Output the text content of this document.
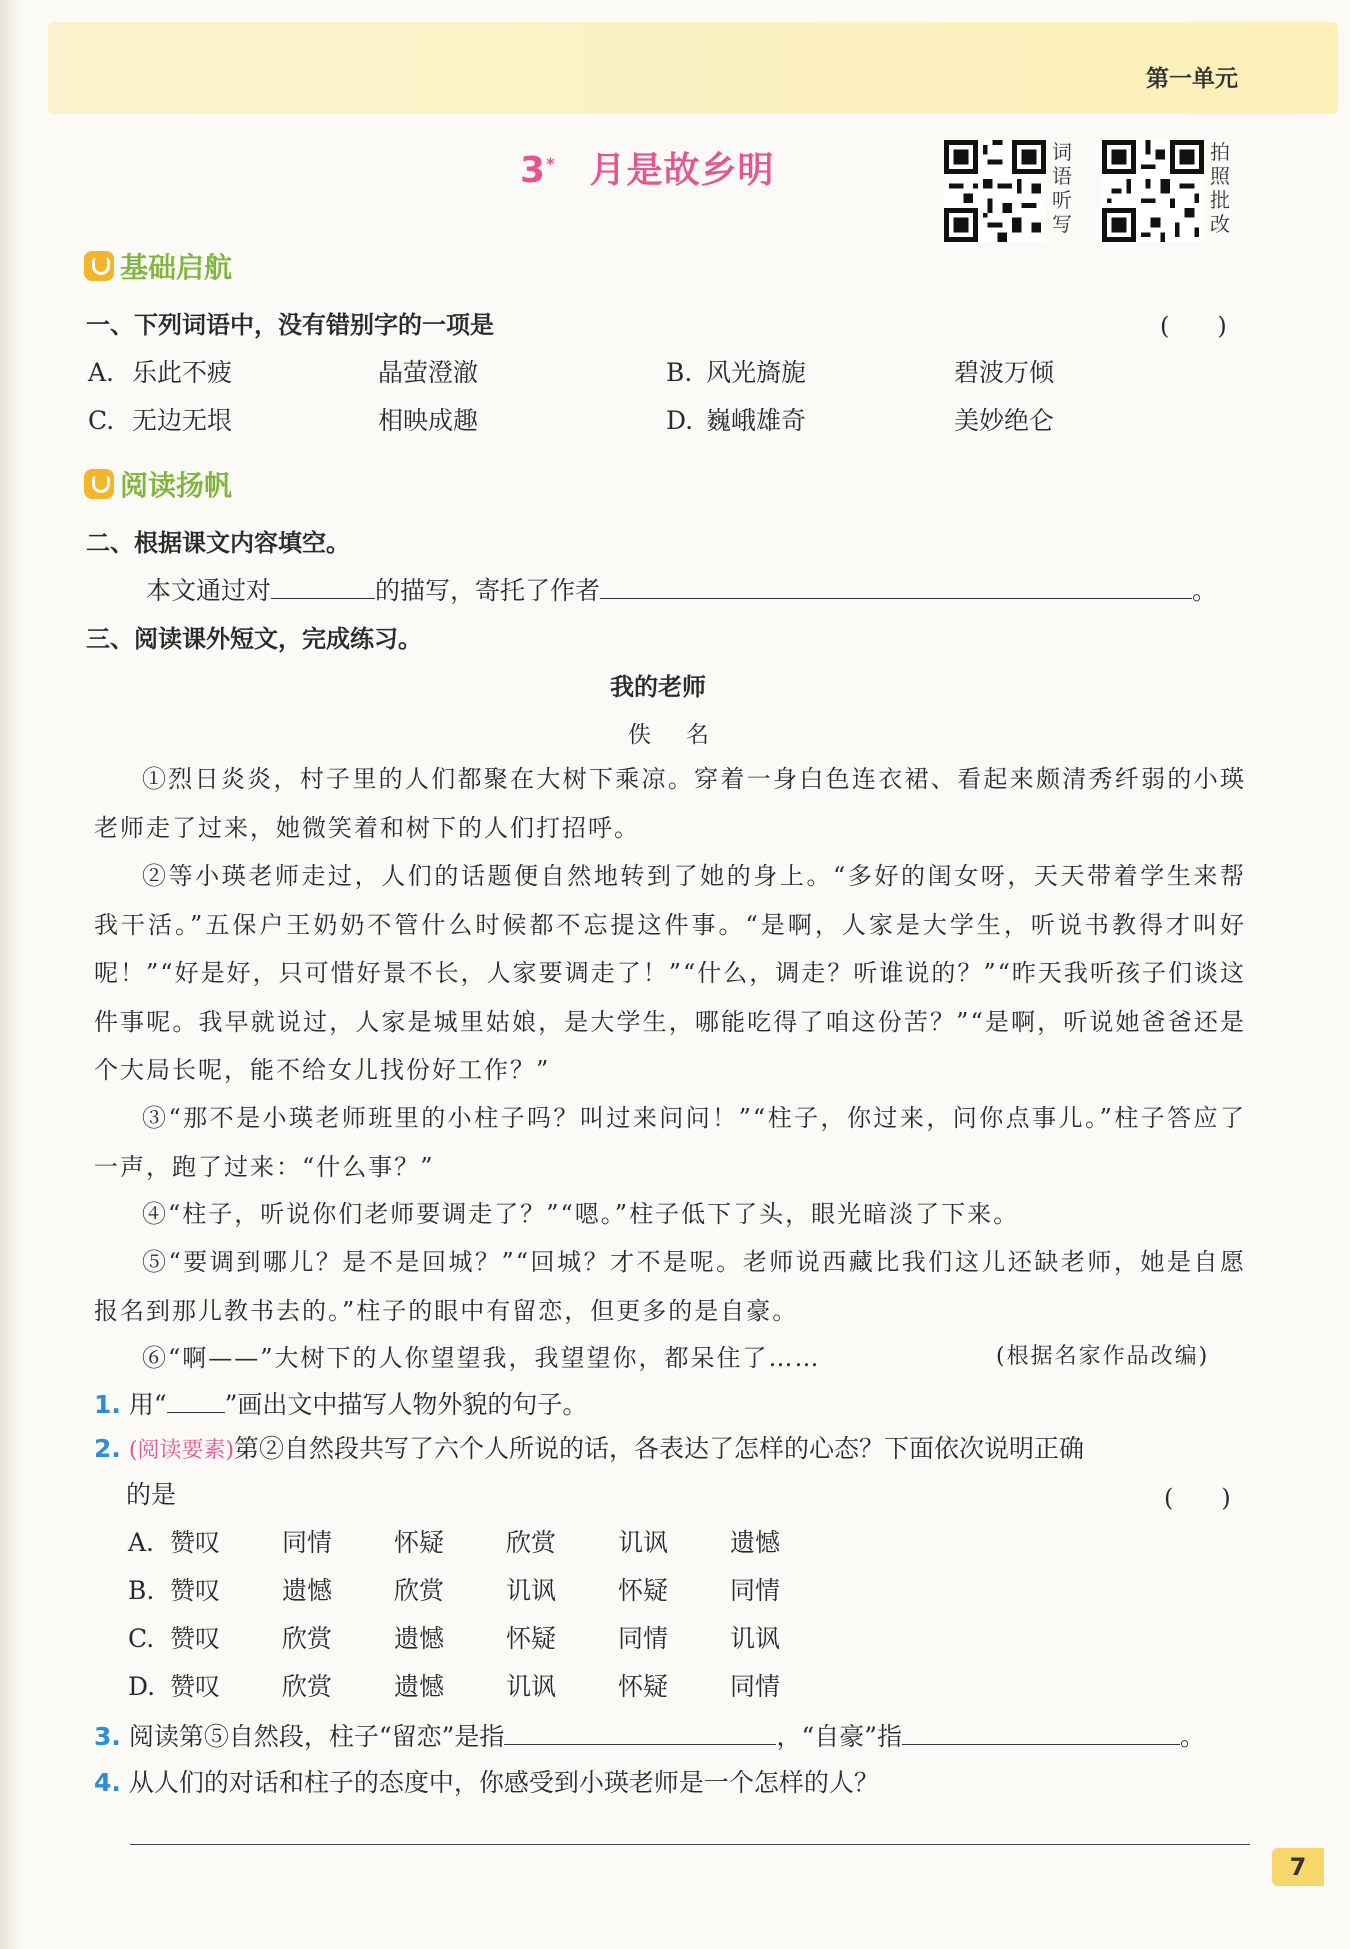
第一单元
3* 月是故乡明	词语听写
拍照批改
基础启航
一、下列词语中，没有错别字的一项是	(　　)
A. 乐此不疲	晶萤澄澈	B. 风光旖旎	碧波万倾
C. 无边无垠	相映成趣	D. 巍峨雄奇	美妙绝仑
阅读扬帆
二、根据课文内容填空。
本文通过对	的描写，寄托了作者	。
三、阅读课外短文，完成练习。
我的老师
佚　名
①烈日炎炎，村子里的人们都聚在大树下乘凉。穿着一身白色连衣裙、看起来颇清秀纤弱的小瑛老师走了过来，她微笑着和树下的人们打招呼。
②等小瑛老师走过，人们的话题便自然地转到了她的身上。“多好的闺女呀，天天带着学生来帮我干活。”五保户王奶奶不管什么时候都不忘提这件事。“是啊，人家是大学生，听说书教得才叫好呢！”“好是好，只可惜好景不长，人家要调走了！”“什么，调走？听谁说的？”“昨天我听孩子们谈这件事呢。我早就说过，人家是城里姑娘，是大学生，哪能吃得了咱这份苦？”“是啊，听说她爸爸还是个大局长呢，能不给女儿找份好工作？”
③“那不是小瑛老师班里的小柱子吗？叫过来问问！”“柱子，你过来，问你点事儿。”柱子答应了一声，跑了过来：“什么事？”
④“柱子，听说你们老师要调走了？”“嗯。”柱子低下了头，眼光暗淡了下来。
⑤“要调到哪儿？是不是回城？”“回城？才不是呢。老师说西藏比我们这儿还缺老师，她是自愿报名到那儿教书去的。”柱子的眼中有留恋，但更多的是自豪。
⑥“啊——”大树下的人你望望我，我望望你，都呆住了……	(根据名家作品改编)
1. 用“ ”画出文中描写人物外貌的句子。
2. (阅读要素)第②自然段共写了六个人所说的话，各表达了怎样的心态？下面依次说明正确
的是	(　　)
A. 赞叹 同情 怀疑 欣赏 讥讽 遗憾
B. 赞叹 遗憾 欣赏 讥讽 怀疑 同情
C. 赞叹 欣赏 遗憾 怀疑 同情 讥讽
D. 赞叹 欣赏 遗憾 讥讽 怀疑 同情
3. 阅读第⑤自然段，柱子“留恋”是指	，“自豪”指	。
4. 从人们的对话和柱子的态度中，你感受到小瑛老师是一个怎样的人？
7
